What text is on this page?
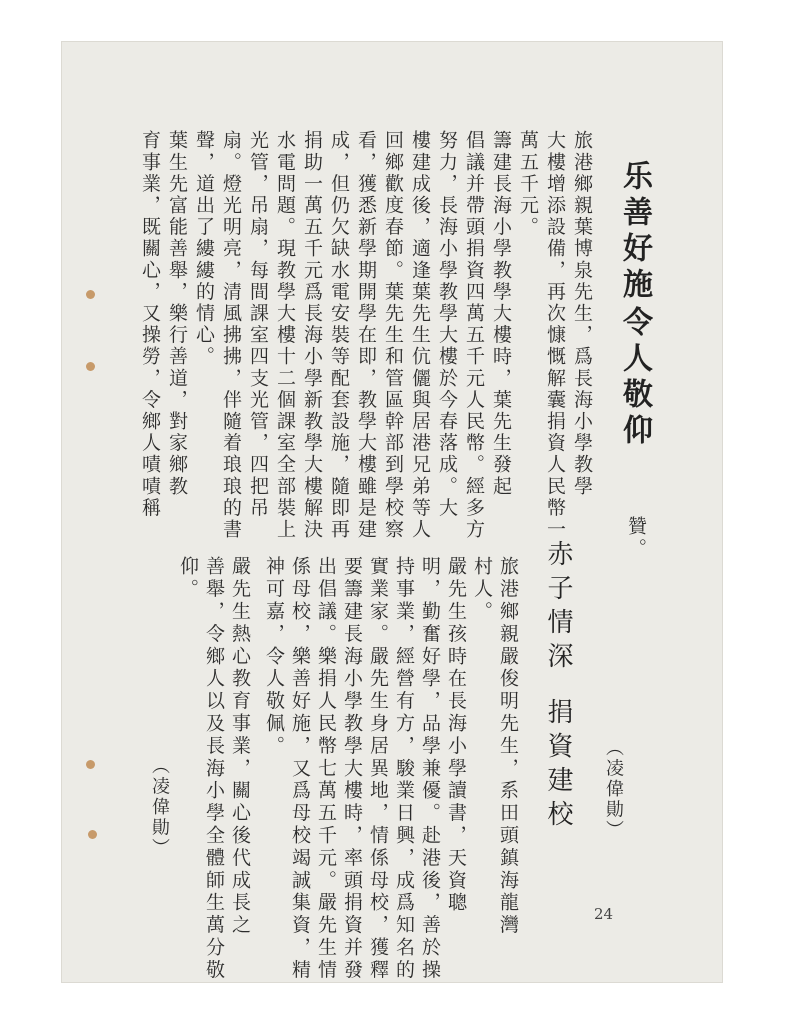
乐善好施
令人敬仰
旅港鄉親葉博泉先生，爲長海小學教學
大樓增添設備，再次慷慨解囊捐資人民幣一
萬五千元。
籌建長海小學教學大樓時，葉先生發起
倡議并帶頭捐資四萬五千元人民幣。經多方
努力，長海小學教學大樓於今春落成。大
樓建成後，適逢葉先生伉儷與居港兄弟等人
回鄉歡度春節。葉先生和管區幹部到學校察
看，獲悉新學期開學在即，教學大樓雖是建
成，但仍欠缺水電安裝等配套設施，隨即再
捐助一萬五千元爲長海小學新教學大樓解決
水電問題。現教學大樓十二個課室全部裝上
光管，吊扇，每間課室四支光管，四把吊
扇。燈光明亮，清風拂拂，伴隨着琅琅的書
聲，道出了縷縷的情心。
葉生先富能善舉，樂行善道，對家鄉教
育事業，既關心，又操勞，令鄉人嘖嘖稱
贊。
（凌偉勛）
赤子情深
捐資建校
旅港鄉親嚴俊明先生，系田頭鎮海龍灣
村人。
嚴先生孩時在長海小學讀書，天資聰
明，勤奮好學，品學兼優。赴港後，善於操
持事業，經營有方，駿業日興，成爲知名的
實業家。嚴先生身居異地，情係母校，獲釋
要籌建長海小學教學大樓時，率頭捐資并發
出倡議。樂捐人民幣七萬五千元。嚴先生情
係母校，樂善好施，又爲母校竭誠集資，精
神可嘉，令人敬佩。
嚴先生熱心教育事業，關心後代成長之
善舉，令鄉人以及長海小學全體師生萬分敬
仰。
（凌偉勛）
24
